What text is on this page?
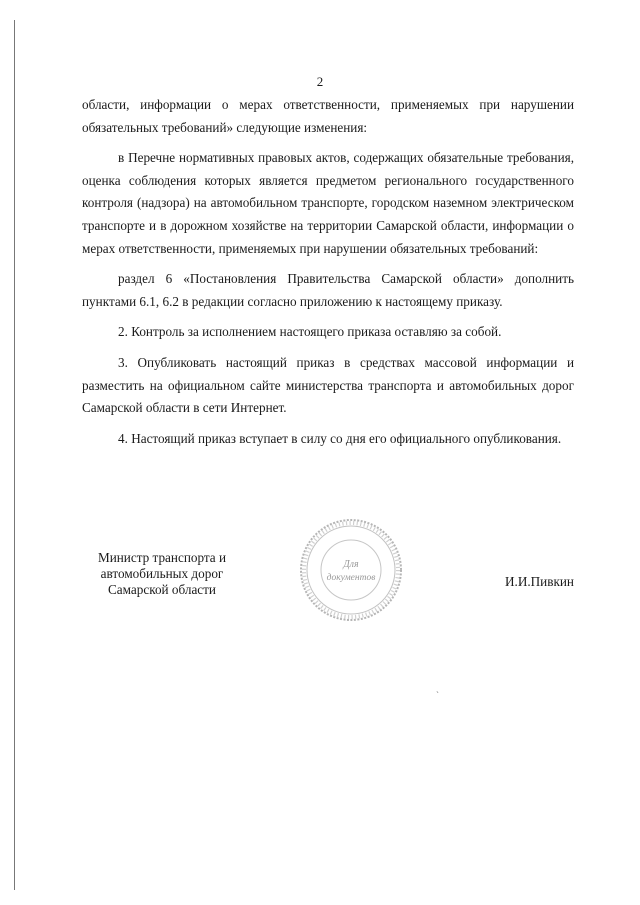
2

области, информации о мерах ответственности, применяемых при нарушении обязательных требований» следующие изменения:

в Перечне нормативных правовых актов, содержащих обязательные требования, оценка соблюдения которых является предметом регионального государственного контроля (надзора) на автомобильном транспорте, городском наземном электрическом транспорте и в дорожном хозяйстве на территории Самарской области, информации о мерах ответственности, применяемых при нарушении обязательных требований:

раздел 6 «Постановления Правительства Самарской области» дополнить пунктами 6.1, 6.2 в редакции согласно приложению к настоящему приказу.

2. Контроль за исполнением настоящего приказа оставляю за собой.

3. Опубликовать настоящий приказ в средствах массовой информации и разместить на официальном сайте министерства транспорта и автомобильных дорог Самарской области в сети Интернет.

4. Настоящий приказ вступает в силу со дня его официального опубликования.

Министр транспорта и
автомобильных дорог
Самарской области
Для
документов	И.И.Пивкин
ˎ
